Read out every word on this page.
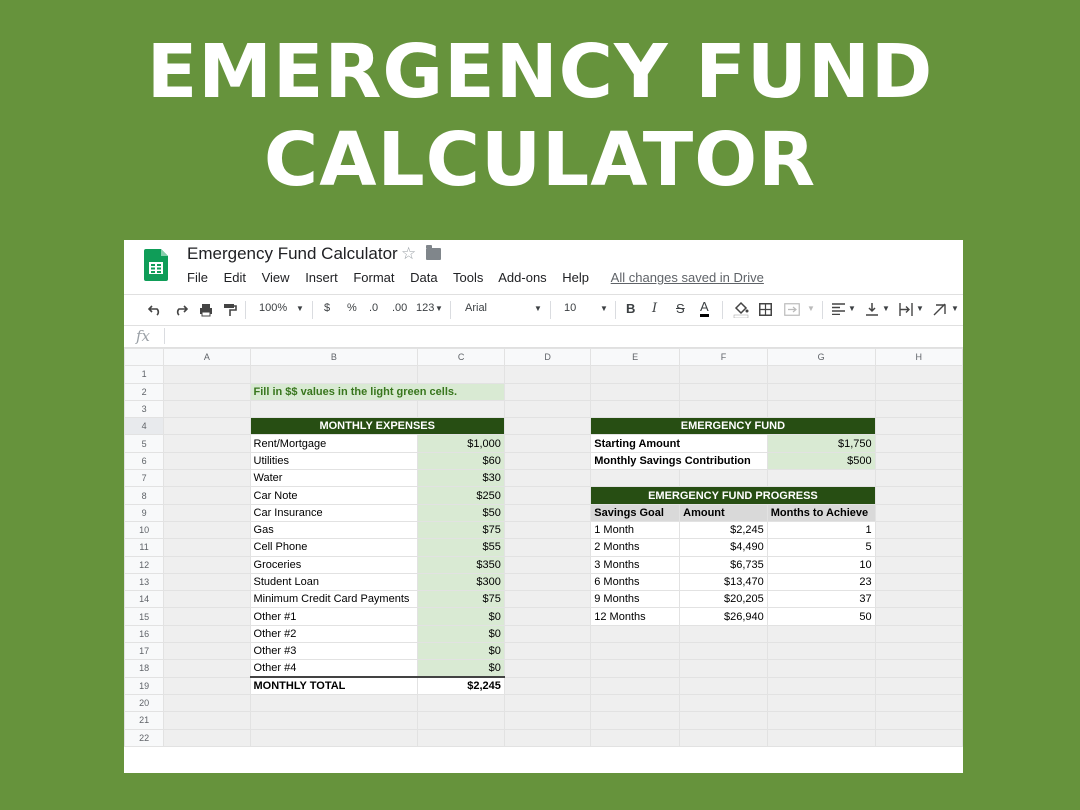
EMERGENCY FUND
CALCULATOR
Emergency Fund Calculator ☆
File Edit View Insert Format Data Tools Add-ons Help All changes saved in Drive
100% ▼ $ % .0 .00 123 ▼ Arial	▼ 10	▼ B I S A	▼	▼	▼	▼	▼
fx
	A	B	C	D	E	F	G	H
1								
2		Fill in $$ values in the light green cells.						
3								
4		MONTHLY EXPENSES			EMERGENCY FUND			
5		Rent/Mortgage	$1,000		Starting Amount		$1,750	
6		Utilities	$60		Monthly Savings Contribution		$500	
7		Water	$30					
8		Car Note	$250		EMERGENCY FUND PROGRESS			
9		Car Insurance	$50		Savings Goal	Amount	Months to Achieve	
10		Gas	$75		1 Month	$2,245	1	
11		Cell Phone	$55		2 Months	$4,490	5	
12		Groceries	$350		3 Months	$6,735	10	
13		Student Loan	$300		6 Months	$13,470	23	
14		Minimum Credit Card Payments	$75		9 Months	$20,205	37	
15		Other #1	$0		12 Months	$26,940	50	
16		Other #2	$0					
17		Other #3	$0					
18		Other #4	$0					
19		MONTHLY TOTAL	$2,245					
20								
21								
22								
